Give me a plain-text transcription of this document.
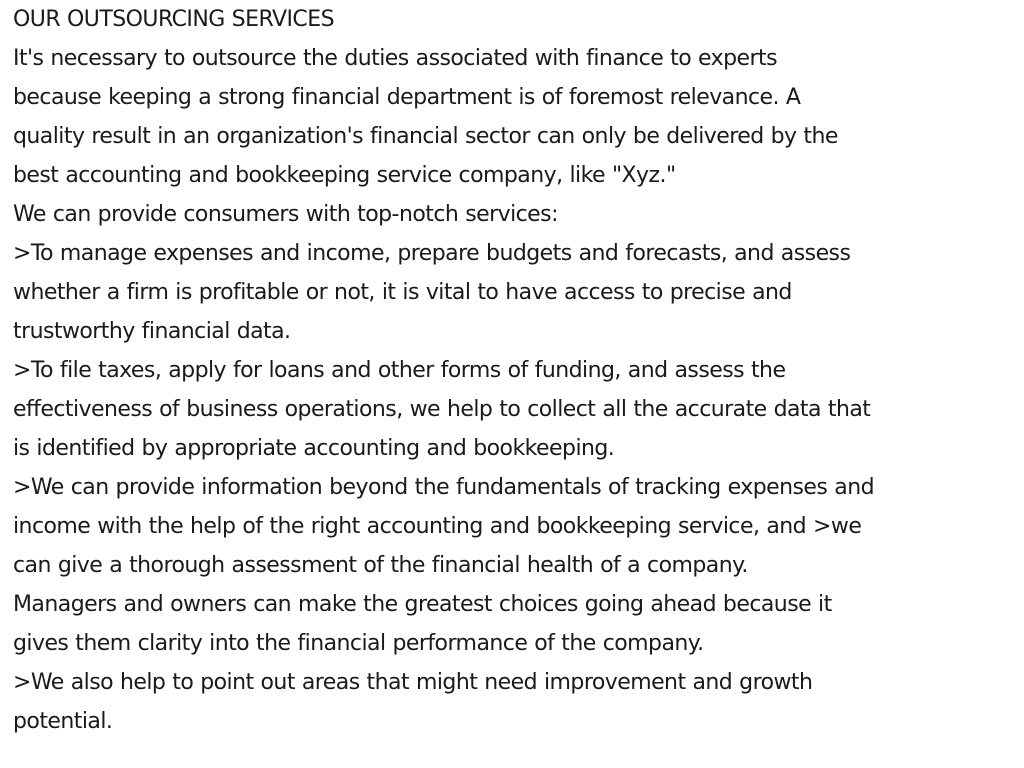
OUR OUTSOURCING SERVICES
It's necessary to outsource the duties associated with finance to experts
because keeping a strong financial department is of foremost relevance. A
quality result in an organization's financial sector can only be delivered by the
best accounting and bookkeeping service company, like "Xyz."
We can provide consumers with top-notch services:
>To manage expenses and income, prepare budgets and forecasts, and assess
whether a firm is profitable or not, it is vital to have access to precise and
trustworthy financial data.
>To file taxes, apply for loans and other forms of funding, and assess the
effectiveness of business operations, we help to collect all the accurate data that
is identified by appropriate accounting and bookkeeping.
>We can provide information beyond the fundamentals of tracking expenses and
income with the help of the right accounting and bookkeeping service, and >we
can give a thorough assessment of the financial health of a company.
Managers and owners can make the greatest choices going ahead because it
gives them clarity into the financial performance of the company.
>We also help to point out areas that might need improvement and growth
potential.
